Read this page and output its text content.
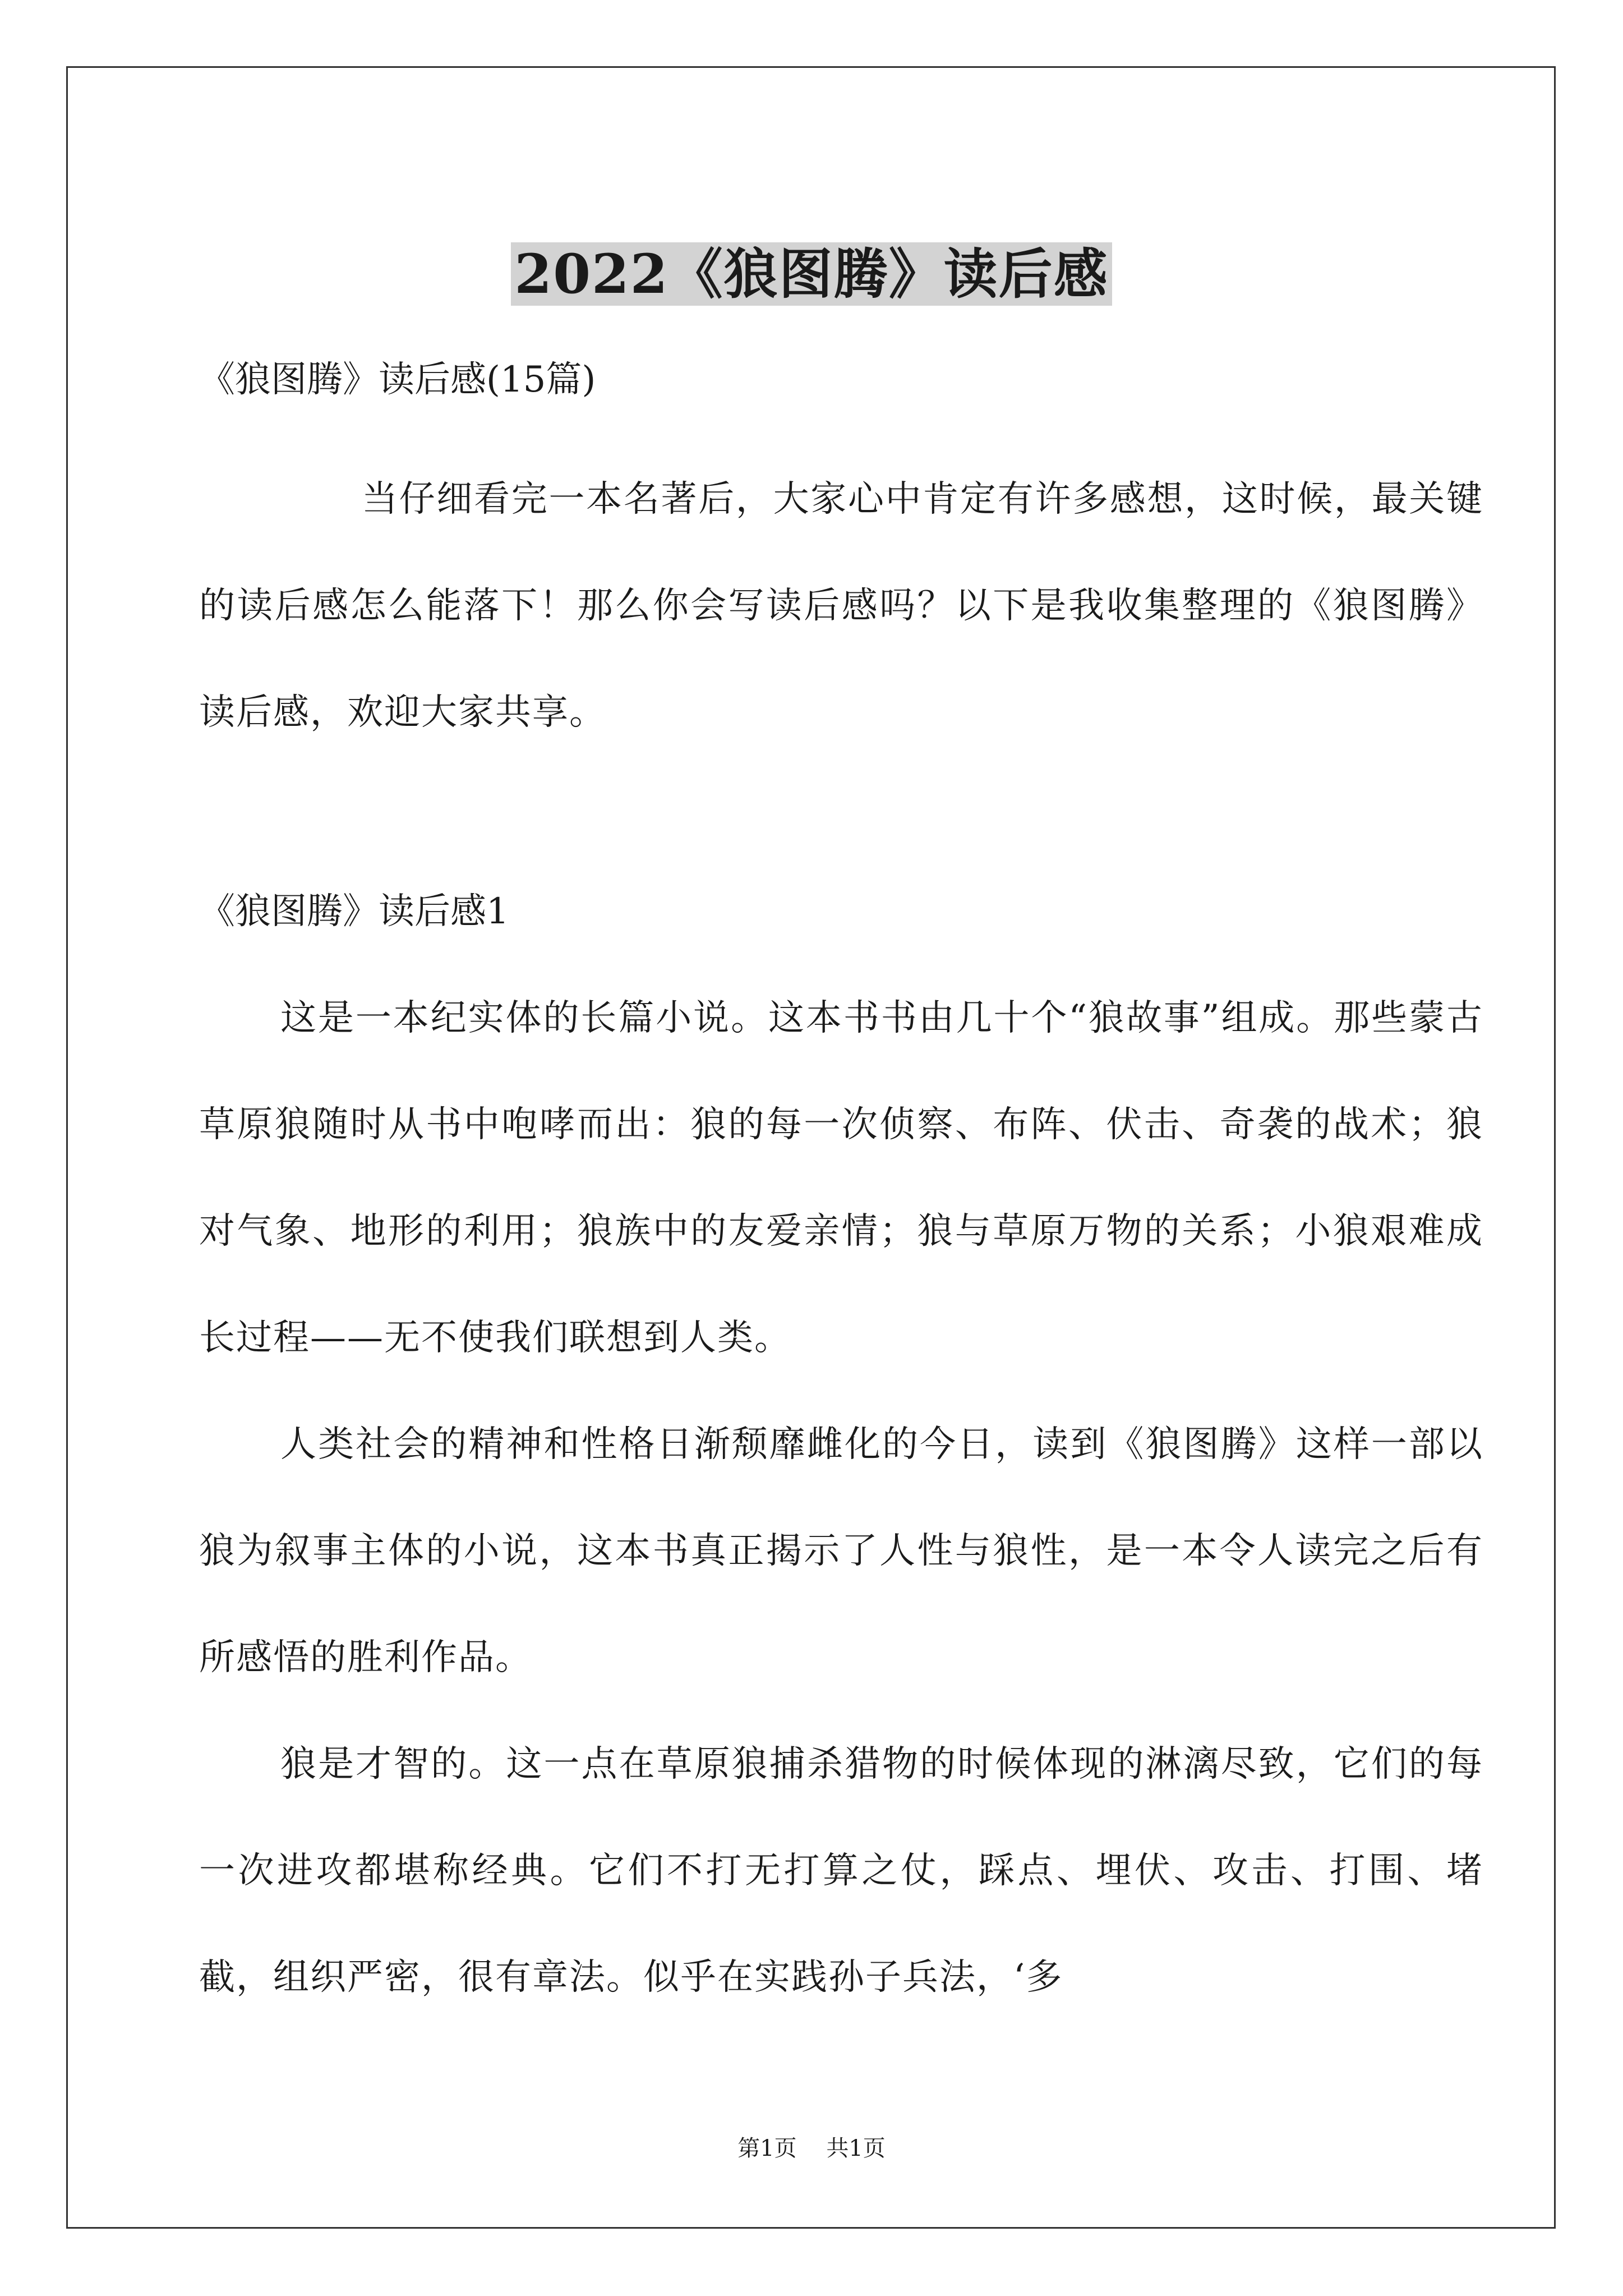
2022《狼图腾》读后感
《狼图腾》读后感(15篇)

当仔细看完一本名著后，大家心中肯定有许多感想，这时候，最关键的读后感怎么能落下！那么你会写读后感吗？以下是我收集整理的《狼图腾》读后感，欢迎大家共享。

《狼图腾》读后感1

这是一本纪实体的长篇小说。这本书书由几十个“狼故事”组成。那些蒙古草原狼随时从书中咆哮而出：狼的每一次侦察、布阵、伏击、奇袭的战术；狼对气象、地形的利用；狼族中的友爱亲情；狼与草原万物的关系；小狼艰难成长过程——无不使我们联想到人类。

人类社会的精神和性格日渐颓靡雌化的今日，读到《狼图腾》这样一部以狼为叙事主体的小说，这本书真正揭示了人性与狼性，是一本令人读完之后有所感悟的胜利作品。

狼是才智的。这一点在草原狼捕杀猎物的时候体现的淋漓尽致，它们的每一次进攻都堪称经典。它们不打无打算之仗，踩点、埋伏、攻击、打围、堵截，组织严密，很有章法。似乎在实践孙子兵法，‘多

第1页 共1页
